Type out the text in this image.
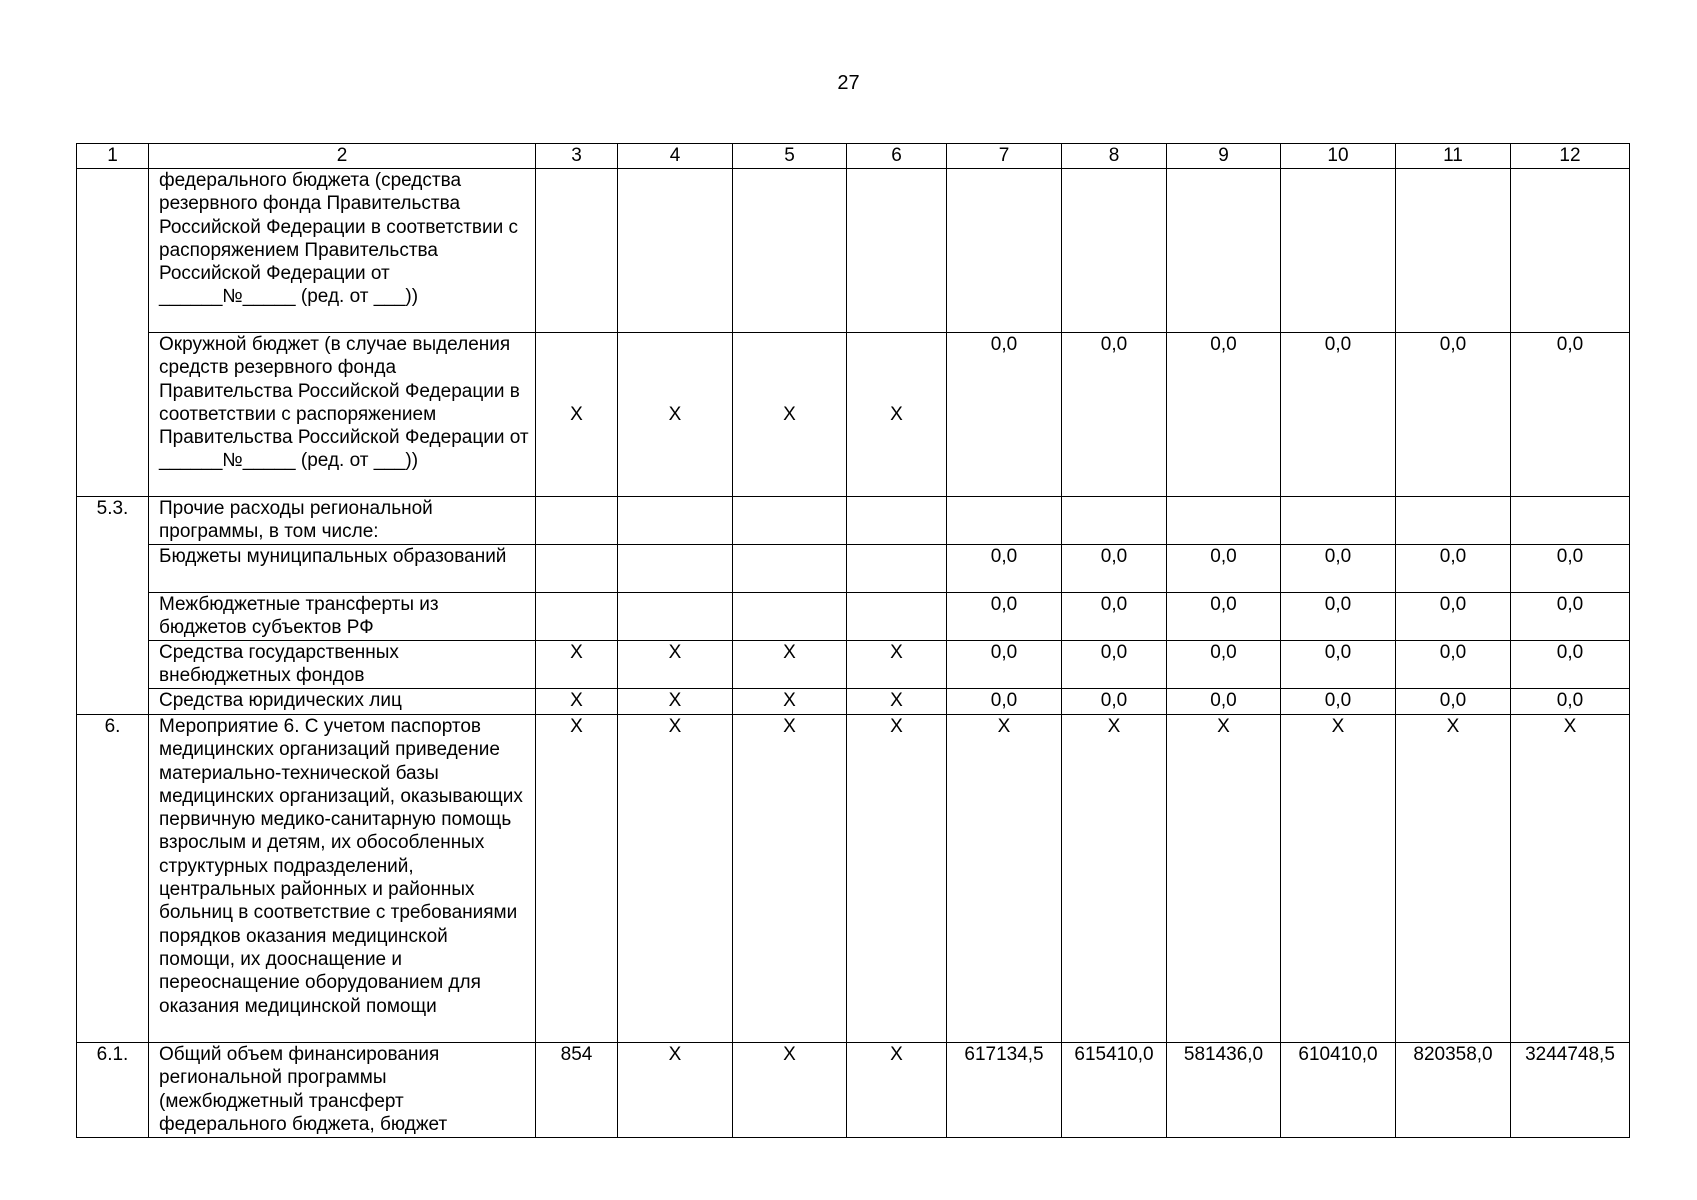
27
1	2	3	4	5	6	7	8	9	10	11	12
	федерального бюджета (средства резервного фонда Правительства Российской Федерации в соответствии с распоряжением Правительства Российской Федерации от ______№_____ (ред. от ___))										
	Окружной бюджет (в случае выделения средств резервного фонда Правительства Российской Федерации в соответствии с распоряжением Правительства Российской Федерации от ______№_____ (ред. от ___))	X	X	X	X	0,0	0,0	0,0	0,0	0,0	0,0
5.3.	Прочие расходы региональной программы, в том числе:										
	Бюджеты муниципальных образований					0,0	0,0	0,0	0,0	0,0	0,0
	Межбюджетные трансферты из бюджетов субъектов РФ					0,0	0,0	0,0	0,0	0,0	0,0
	Средства государственных внебюджетных фондов	X	X	X	X	0,0	0,0	0,0	0,0	0,0	0,0
	Средства юридических лиц	X	X	X	X	0,0	0,0	0,0	0,0	0,0	0,0
6.	Мероприятие 6. С учетом паспортов медицинских организаций приведение материально-технической базы медицинских организаций, оказывающих первичную медико-санитарную помощь взрослым и детям, их обособленных структурных подразделений, центральных районных и районных больниц в соответствие с требованиями порядков оказания медицинской помощи, их дооснащение и переоснащение оборудованием для оказания медицинской помощи	X	X	X	X	X	X	X	X	X	X
6.1.	Общий объем финансирования региональной программы (межбюджетный трансферт федерального бюджета, бюджет	854	X	X	X	617134,5	615410,0	581436,0	610410,0	820358,0	3244748,5
